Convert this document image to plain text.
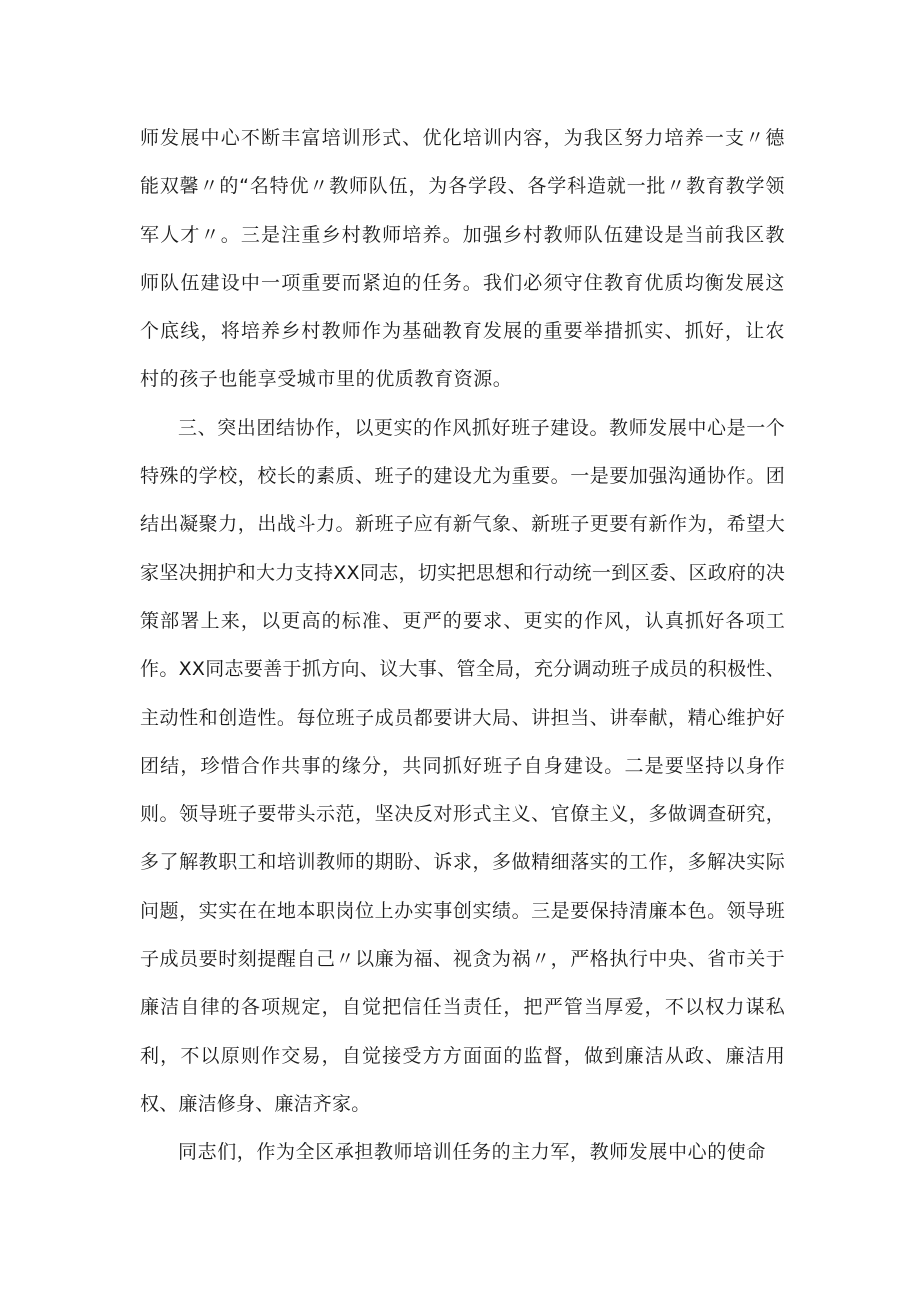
师发展中心不断丰富培训形式、优化培训内容，为我区努力培养一支〃德能双馨〃的“名特优〃教师队伍，为各学段、各学科造就一批〃教育教学领军人才〃。三是注重乡村教师培养。加强乡村教师队伍建设是当前我区教师队伍建设中一项重要而紧迫的任务。我们必须守住教育优质均衡发展这个底线，将培养乡村教师作为基础教育发展的重要举措抓实、抓好，让农村的孩子也能享受城市里的优质教育资源。

三、突出团结协作，以更实的作风抓好班子建设。教师发展中心是一个特殊的学校，校长的素质、班子的建设尤为重要。一是要加强沟通协作。团结出凝聚力，出战斗力。新班子应有新气象、新班子更要有新作为，希望大家坚决拥护和大力支持XX同志，切实把思想和行动统一到区委、区政府的决策部署上来，以更高的标准、更严的要求、更实的作风，认真抓好各项工作。XX同志要善于抓方向、议大事、管全局，充分调动班子成员的积极性、主动性和创造性。每位班子成员都要讲大局、讲担当、讲奉献，精心维护好团结，珍惜合作共事的缘分，共同抓好班子自身建设。二是要坚持以身作则。领导班子要带头示范，坚决反对形式主义、官僚主义，多做调查研究，多了解教职工和培训教师的期盼、诉求，多做精细落实的工作，多解决实际问题，实实在在地本职岗位上办实事创实绩。三是要保持清廉本色。领导班子成员要时刻提醒自己〃以廉为福、视贪为祸〃，严格执行中央、省市关于廉洁自律的各项规定，自觉把信任当责任，把严管当厚爱，不以权力谋私利，不以原则作交易，自觉接受方方面面的监督，做到廉洁从政、廉洁用权、廉洁修身、廉洁齐家。

同志们，作为全区承担教师培训任务的主力军，教师发展中心的使命
